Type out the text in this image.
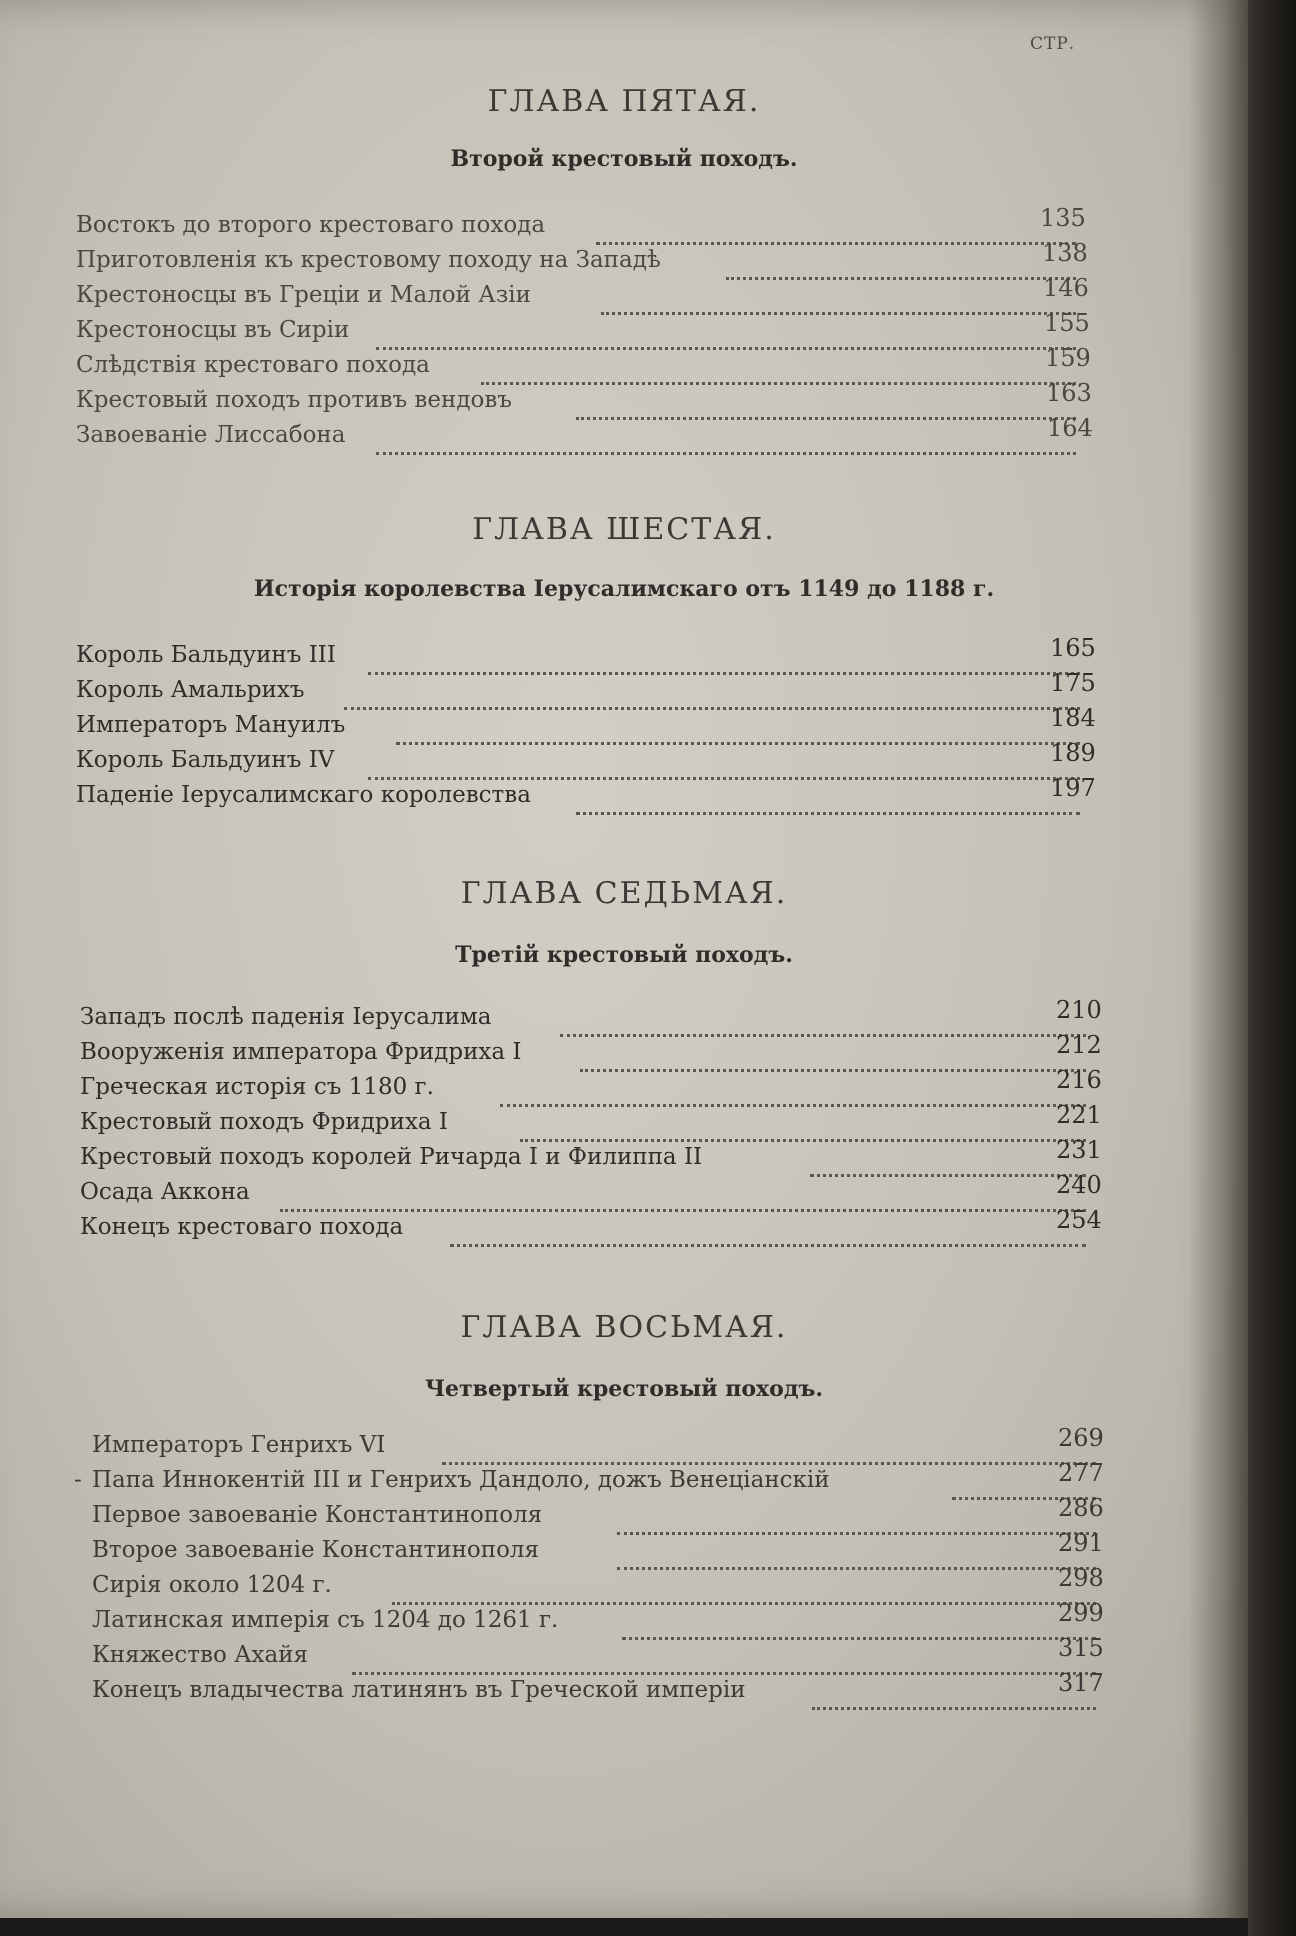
СТР.
ГЛАВА ПЯТАЯ.
Второй крестовый походъ.
Востокъ до второго крестоваго похода	135
Приготовленія къ крестовому походу на Западѣ	138
Крестоносцы въ Греціи и Малой Азіи	146
Крестоносцы въ Сиріи	155
Слѣдствія крестоваго похода	159
Крестовый походъ противъ вендовъ	163
Завоеваніе Лиссабона	164
ГЛАВА ШЕСТАЯ.
Исторія королевства Іерусалимскаго отъ 1149 до 1188 г.
Король Бальдуинъ III	165
Король Амальрихъ	175
Императоръ Мануилъ	184
Король Бальдуинъ IV	189
Паденіе Іерусалимскаго королевства	197
ГЛАВА СЕДЬМАЯ.
Третій крестовый походъ.
Западъ послѣ паденія Іерусалима	210
Вооруженія императора Фридриха I	212
Греческая исторія съ 1180 г.	216
Крестовый походъ Фридриха I	221
Крестовый походъ королей Ричарда I и Филиппа II	231
Осада Аккона	240
Конецъ крестоваго похода	254
ГЛАВА ВОСЬМАЯ.
Четвертый крестовый походъ.
Императоръ Генрихъ VI	269
- Папа Иннокентій III и Генрихъ Дандоло, дожъ Венеціанскій	277
Первое завоеваніе Константинополя	286
Второе завоеваніе Константинополя	291
Сирія около 1204 г.	298
Латинская имперія съ 1204 до 1261 г.	299
Княжество Ахайя	315
Конецъ владычества латинянъ въ Греческой имперіи	317
